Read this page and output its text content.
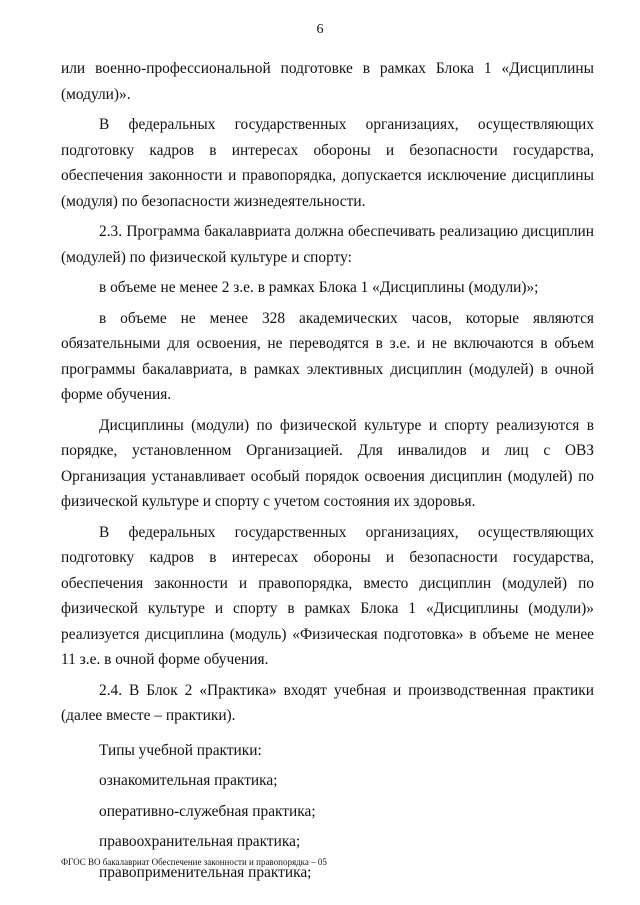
6

или военно-профессиональной подготовке в рамках Блока 1 «Дисциплины (модули)».

В федеральных государственных организациях, осуществляющих подготовку кадров в интересах обороны и безопасности государства, обеспечения законности и правопорядка, допускается исключение дисциплины (модуля) по безопасности жизнедеятельности.

2.3. Программа бакалавриата должна обеспечивать реализацию дисциплин (модулей) по физической культуре и спорту:

в объеме не менее 2 з.е. в рамках Блока 1 «Дисциплины (модули)»;

в объеме не менее 328 академических часов, которые являются обязательными для освоения, не переводятся в з.е. и не включаются в объем программы бакалавриата, в рамках элективных дисциплин (модулей) в очной форме обучения.

Дисциплины (модули) по физической культуре и спорту реализуются в порядке, установленном Организацией. Для инвалидов и лиц с ОВЗ Организация устанавливает особый порядок освоения дисциплин (модулей) по физической культуре и спорту с учетом состояния их здоровья.

В федеральных государственных организациях, осуществляющих подготовку кадров в интересах обороны и безопасности государства, обеспечения законности и правопорядка, вместо дисциплин (модулей) по физической культуре и спорту в рамках Блока 1 «Дисциплины (модули)» реализуется дисциплина (модуль) «Физическая подготовка» в объеме не менее 11 з.е. в очной форме обучения.

2.4. В Блок 2 «Практика» входят учебная и производственная практики (далее вместе – практики).

Типы учебной практики:

ознакомительная практика;

оперативно-служебная практика;

правоохранительная практика;

правоприменительная практика;

ФГОС ВО бакалавриат Обеспечение законности и правопорядка – 05
